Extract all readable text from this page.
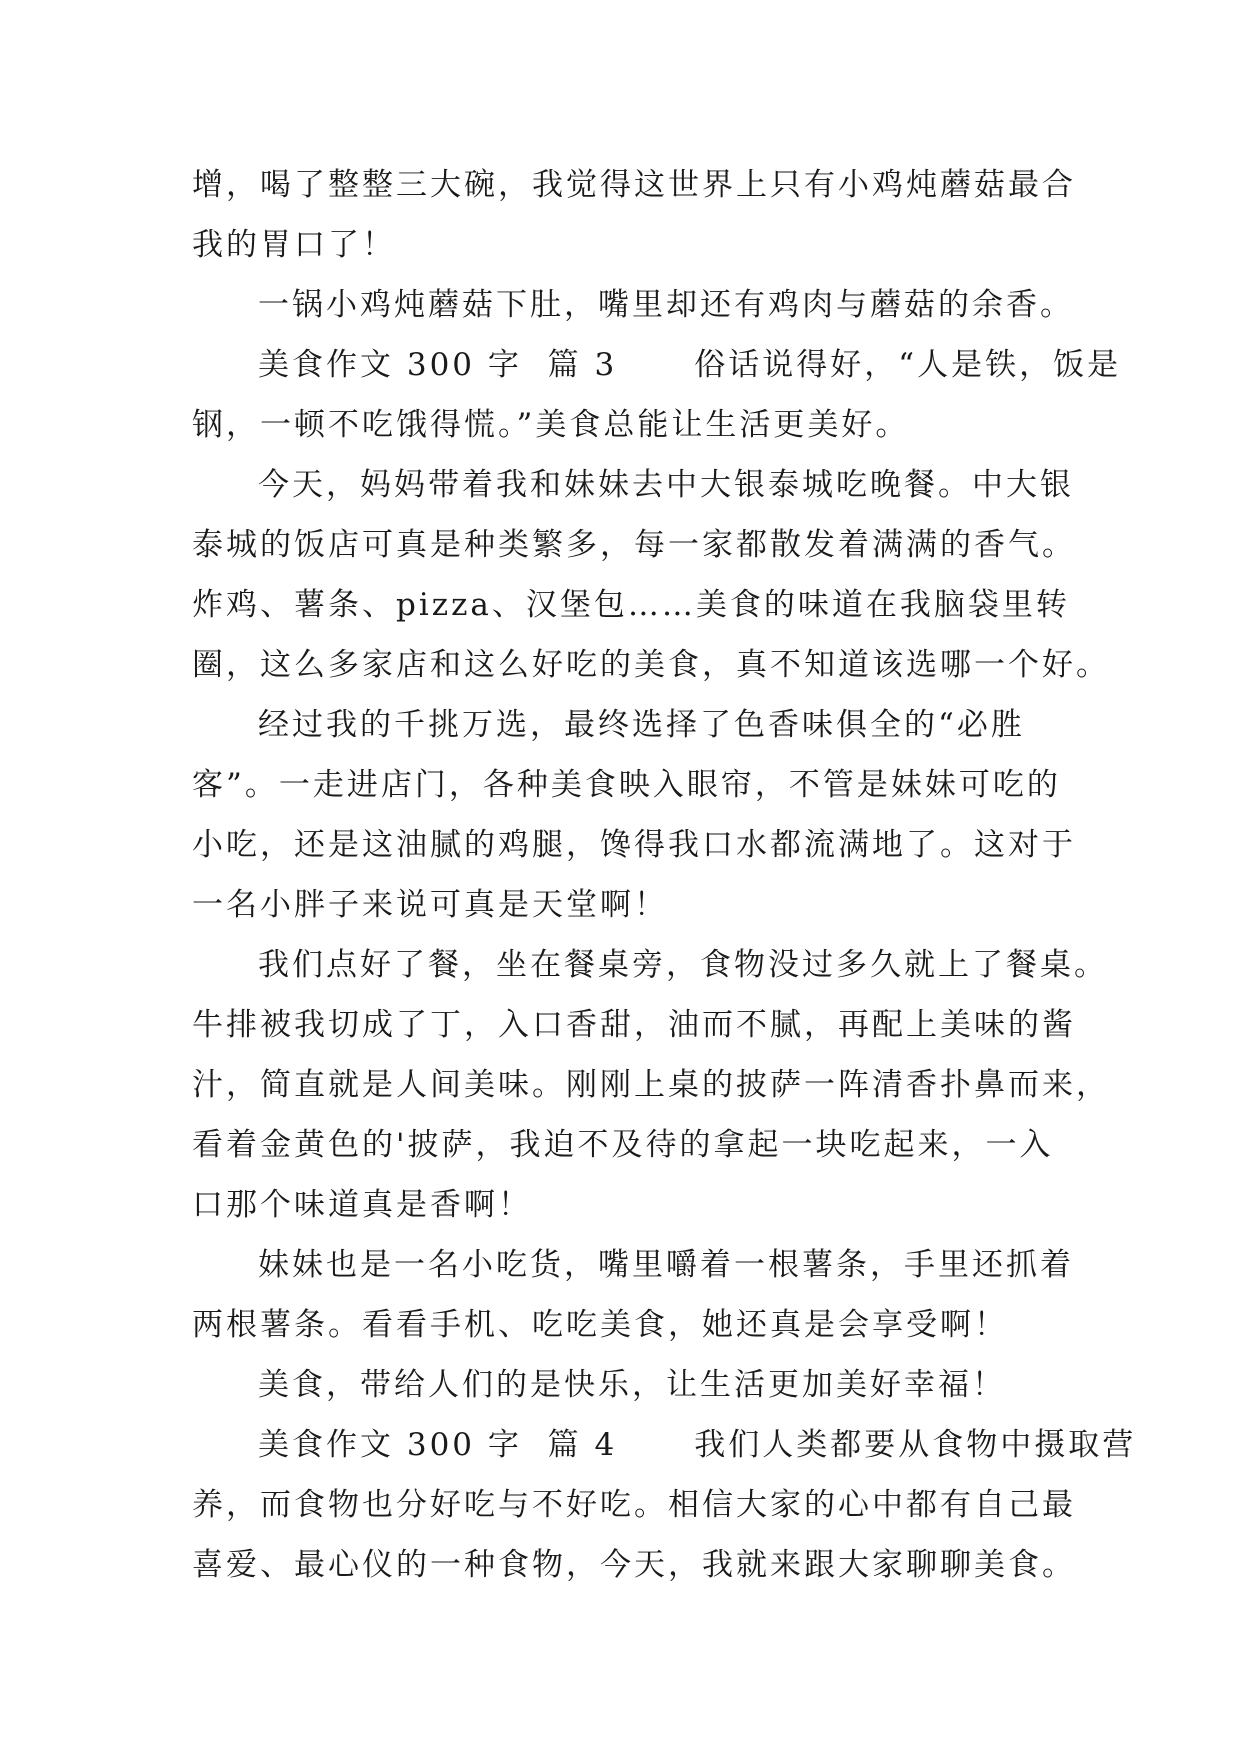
增，喝了整整三大碗，我觉得这世界上只有小鸡炖蘑菇最合
我的胃口了！
一锅小鸡炖蘑菇下肚，嘴里却还有鸡肉与蘑菇的余香。
美食作文 300 字  篇 3      俗话说得好，“人是铁，饭是
钢，一顿不吃饿得慌。”美食总能让生活更美好。
今天，妈妈带着我和妹妹去中大银泰城吃晚餐。中大银
泰城的饭店可真是种类繁多，每一家都散发着满满的香气。
炸鸡、薯条、pizza、汉堡包……美食的味道在我脑袋里转
圈，这么多家店和这么好吃的美食，真不知道该选哪一个好。
经过我的千挑万选，最终选择了色香味俱全的“必胜
客”。一走进店门，各种美食映入眼帘，不管是妹妹可吃的
小吃，还是这油腻的鸡腿，馋得我口水都流满地了。这对于
一名小胖子来说可真是天堂啊！
我们点好了餐，坐在餐桌旁，食物没过多久就上了餐桌。
牛排被我切成了丁，入口香甜，油而不腻，再配上美味的酱
汁，简直就是人间美味。刚刚上桌的披萨一阵清香扑鼻而来，
看着金黄色的'披萨，我迫不及待的拿起一块吃起来，一入
口那个味道真是香啊！
妹妹也是一名小吃货，嘴里嚼着一根薯条，手里还抓着
两根薯条。看看手机、吃吃美食，她还真是会享受啊！
美食，带给人们的是快乐，让生活更加美好幸福！
美食作文 300 字  篇 4      我们人类都要从食物中摄取营
养，而食物也分好吃与不好吃。相信大家的心中都有自己最
喜爱、最心仪的一种食物，今天，我就来跟大家聊聊美食。
